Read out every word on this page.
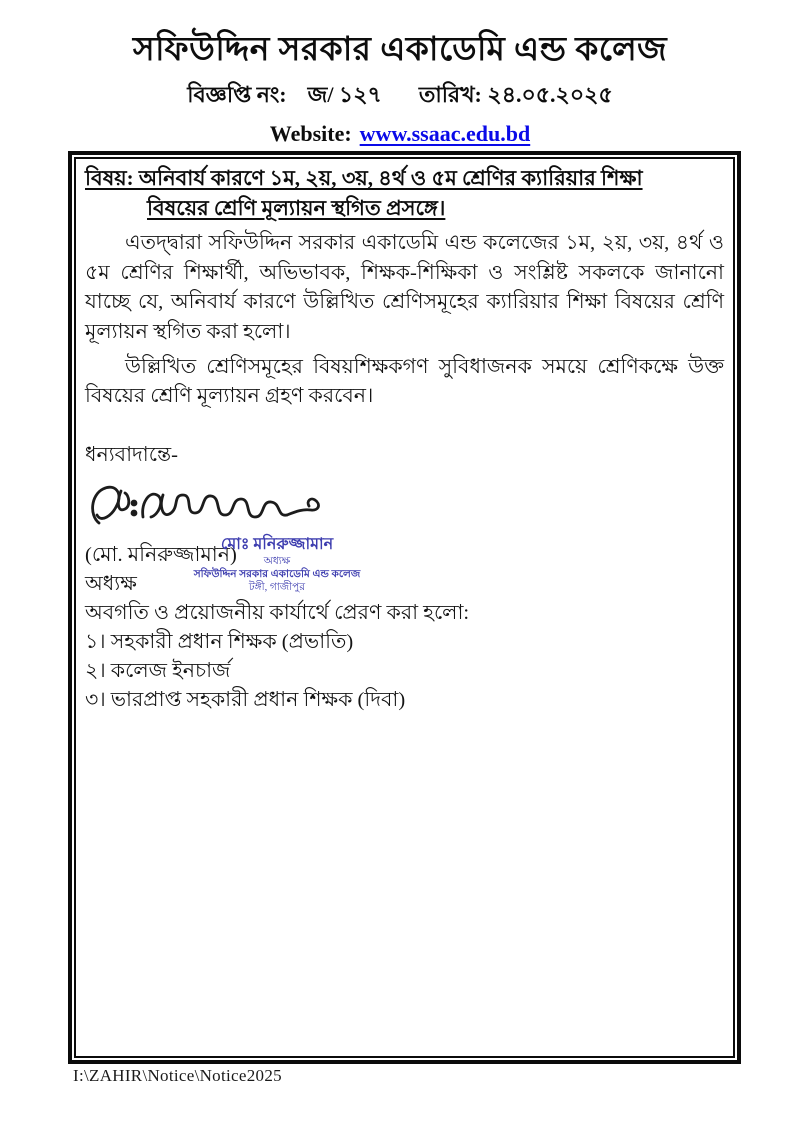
সফিউদ্দিন সরকার একাডেমি এন্ড কলেজ
বিজ্ঞপ্তি নং: জ/ ১২৭ তারিখ: ২৪.০৫.২০২৫
Website: www.ssaac.edu.bd
বিষয়: অনিবার্য কারণে ১ম, ২য়, ৩য়, ৪র্থ ও ৫ম শ্রেণির ক্যারিয়ার শিক্ষা
বিষয়ের শ্রেণি মূল্যায়ন স্থগিত প্রসঙ্গে।

এতদ্দ্বারা সফিউদ্দিন সরকার একাডেমি এন্ড কলেজের ১ম, ২য়, ৩য়, ৪র্থ ও ৫ম শ্রেণির শিক্ষার্থী, অভিভাবক, শিক্ষক-শিক্ষিকা ও সংশ্লিষ্ট সকলকে জানানো যাচ্ছে যে, অনিবার্য কারণে উল্লিখিত শ্রেণিসমূহের ক্যারিয়ার শিক্ষা বিষয়ের শ্রেণি মূল্যায়ন স্থগিত করা হলো।

উল্লিখিত শ্রেণিসমূহের বিষয়শিক্ষকগণ সুবিধাজনক সময়ে শ্রেণিকক্ষে উক্ত বিষয়ের শ্রেণি মূল্যায়ন গ্রহণ করবেন।

ধন্যবাদান্তে-
(মো. মনিরুজ্জামান)
মোঃ মনিরুজ্জামান
অধ্যক্ষ
সফিউদ্দিন সরকার একাডেমি এন্ড কলেজ
টঙ্গী, গাজীপুর
অধ্যক্ষ
অবগতি ও প্রয়োজনীয় কার্যার্থে প্রেরণ করা হলো:
১। সহকারী প্রধান শিক্ষক (প্রভাতি)
২। কলেজ ইনচার্জ
৩। ভারপ্রাপ্ত সহকারী প্রধান শিক্ষক (দিবা)
I:\ZAHIR\Notice\Notice2025
